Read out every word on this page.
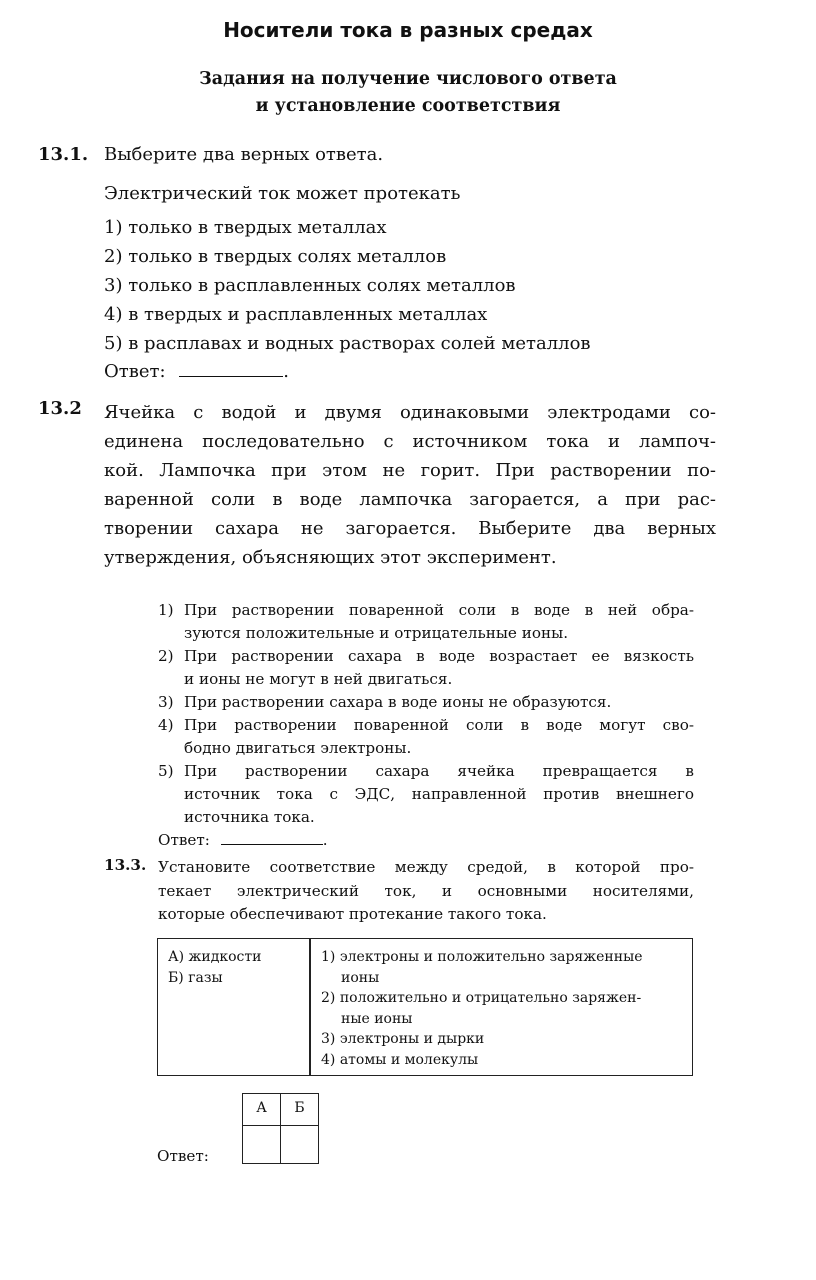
Носители тока в разных средах
Задания на получение числового ответа
и установление соответствия
13.1. Выберите два верных ответа.
Электрический ток может протекать
1) только в твердых металлах
2) только в твердых солях металлов
3) только в расплавленных солях металлов
4) в твердых и расплавленных металлах
5) в расплавах и водных растворах солей металлов
Ответ:	.
13.2 Ячейка с водой и двумя одинаковыми электродами со-
единена последовательно с источником тока и лампоч-
кой. Лампочка при этом не горит. При растворении по-
варенной соли в воде лампочка загорается, а при рас-
творении сахара не загорается. Выберите два верных
утверждения, объясняющих этот эксперимент.
1) При растворении поваренной соли в воде в ней обра-
зуются положительные и отрицательные ионы.
2) При растворении сахара в воде возрастает ее вязкость
и ионы не могут в ней двигаться.
3) При растворении сахара в воде ионы не образуются.
4) При растворении поваренной соли в воде могут сво-
бодно двигаться электроны.
5) При растворении сахара ячейка превращается в
источник тока с ЭДС, направленной против внешнего
источника тока.
Ответ:	.
13.3. Установите соответствие между средой, в которой про-
текает электрический ток, и основными носителями,
которые обеспечивают протекание такого тока.
А) жидкости
Б) газы
1) электроны и положительно заряженные
ионы
2) положительно и отрицательно заряжен-
ные ионы
3) электроны и дырки
4) атомы и молекулы
Ответ:
А	Б
